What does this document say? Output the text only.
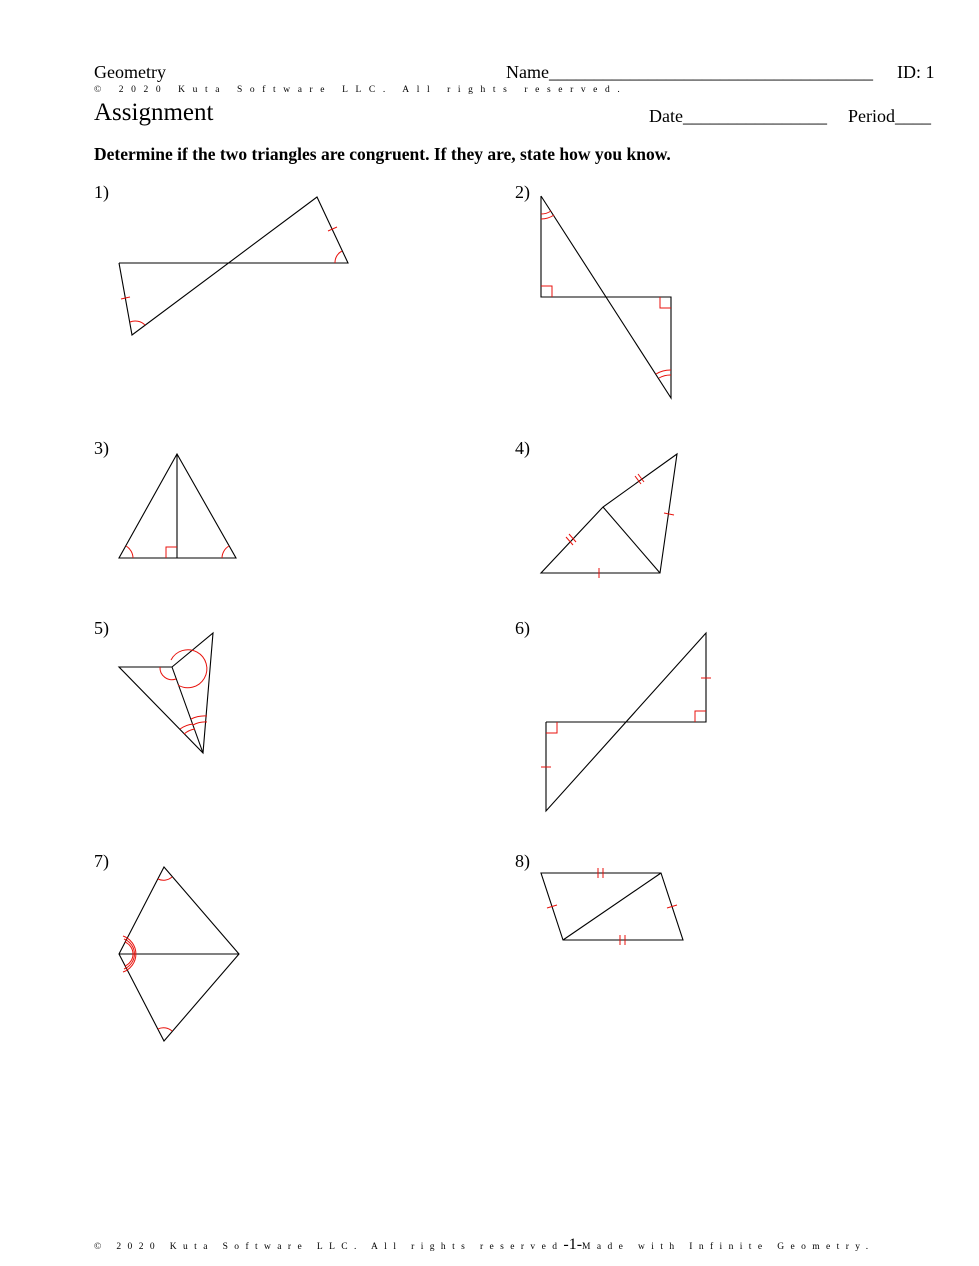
Geometry	Name____________________________________ ID: 1
© 2020 Kuta Software LLC. All rights reserved.
Assignment	Date________________ Period____
Determine if the two triangles are congruent. If they are, state how you know.
1)	2)
3)	4)
5)	6)
7)	8)
© 2020 Kuta Software LLC. All rights reserved-1-Made with Infinite Geometry.
